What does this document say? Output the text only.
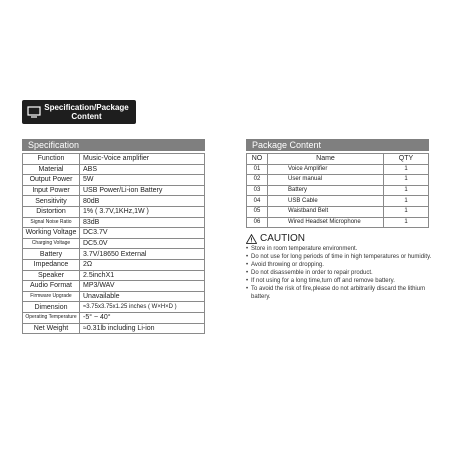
Specification/Package
Content
Specification
Function	Music-Voice amplifier
Material	ABS
Output Power	5W
Input Power	USB Power/Li-ion Battery
Sensitivity	80dB
Distortion	1% ( 3.7V,1KHz,1W )
Signal Noise Ratio	83dB
Working Voltage	DC3.7V
Charging Voltage	DC5.0V
Battery	3.7V/18650 External
Impedance	2Ω
Speaker	2.5inchX1
Audio Format	MP3/WAV
Firmware Upgrade	Unavailable
Dimension	≈3.75x3.75x1.25 inches ( W×H×D )
Operating Temperature	-5° ~ 40°
Net Weight	≈0.31lb including Li-ion
Package Content
NO	Name	QTY
01	Voice Amplifier	1
02	User manual	1
03	Battery	1
04	USB Cable	1
05	Waistband Belt	1
06	Wired Headset Microphone	1
CAUTION
• Store in room temperature environment.
• Do not use for long periods of time in high temperatures or humidity.
• Avoid throwing or dropping.
• Do not disassemble in order to repair product.
• If not using for a long time,turn off and remove battery.
• To avoid the risk of fire,please do not arbitrarily discard the lithium battery.
